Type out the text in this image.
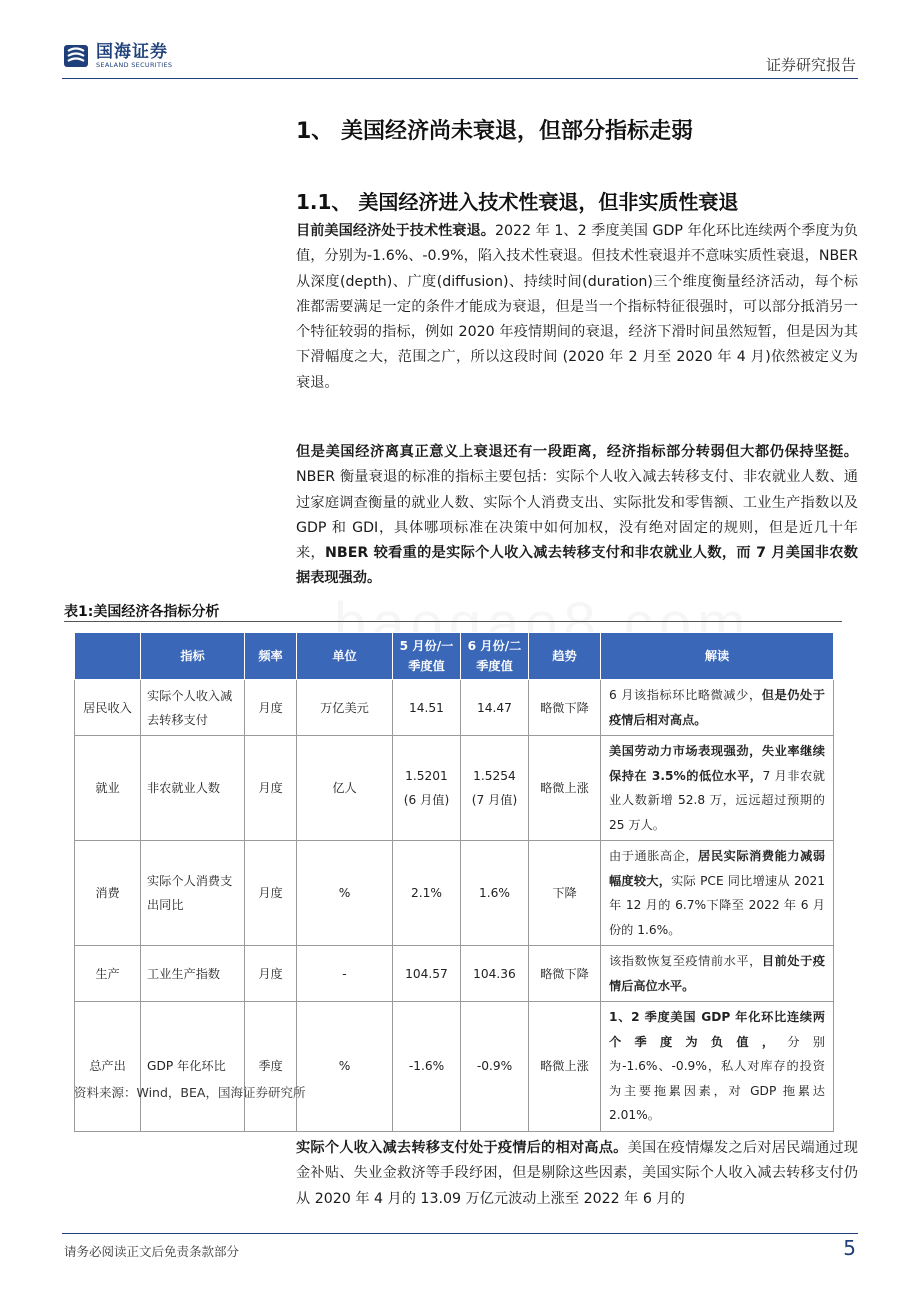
国海证券
SEALAND SECURITIES	证券研究报告
1、 美国经济尚未衰退，但部分指标走弱
1.1、 美国经济进入技术性衰退，但非实质性衰退
目前美国经济处于技术性衰退。2022 年 1、2 季度美国 GDP 年化环比连续两个季度为负值，分别为-1.6%、-0.9%，陷入技术性衰退。但技术性衰退并不意味实质性衰退，NBER 从深度(depth)、广度(diffusion)、持续时间(duration)三个维度衡量经济活动，每个标准都需要满足一定的条件才能成为衰退，但是当一个指标特征很强时，可以部分抵消另一个特征较弱的指标，例如 2020 年疫情期间的衰退，经济下滑时间虽然短暂，但是因为其下滑幅度之大，范围之广，所以这段时间 (2020 年 2 月至 2020 年 4 月)依然被定义为衰退。
但是美国经济离真正意义上衰退还有一段距离，经济指标部分转弱但大都仍保持坚挺。NBER 衡量衰退的标准的指标主要包括：实际个人收入减去转移支付、非农就业人数、通过家庭调查衡量的就业人数、实际个人消费支出、实际批发和零售额、工业生产指数以及 GDP 和 GDI，具体哪项标准在决策中如何加权，没有绝对固定的规则，但是近几十年来，NBER 较看重的是实际个人收入减去转移支付和非农就业人数，而 7 月美国非农数据表现强劲。
表1:美国经济各指标分析
	指标	频率	单位	5 月份/一季度值	6 月份/二季度值	趋势	解读
居民收入	实际个人收入减去转移支付	月度	万亿美元	14.51	14.47	略微下降	6 月该指标环比略微减少，但是仍处于疫情后相对高点。
就业	非农就业人数	月度	亿人	1.5201 (6 月值)	1.5254 (7 月值)	略微上涨	美国劳动力市场表现强劲，失业率继续保持在 3.5%的低位水平，7 月非农就业人数新增 52.8 万，远远超过预期的 25 万人。
消费	实际个人消费支出同比	月度	%	2.1%	1.6%	下降	由于通胀高企，居民实际消费能力减弱幅度较大，实际 PCE 同比增速从 2021 年 12 月的 6.7%下降至 2022 年 6 月份的 1.6%。
生产	工业生产指数	月度	-	104.57	104.36	略微下降	该指数恢复至疫情前水平，目前处于疫情后高位水平。
总产出	GDP 年化环比	季度	%	-1.6%	-0.9%	略微上涨	1、2 季度美国 GDP 年化环比连续两个季度为负值，分别为-1.6%、-0.9%，私人对库存的投资为主要拖累因素，对 GDP 拖累达 2.01%。
资料来源：Wind，BEA，国海证券研究所
实际个人收入减去转移支付处于疫情后的相对高点。美国在疫情爆发之后对居民端通过现金补贴、失业金救济等手段纾困，但是剔除这些因素，美国实际个人收入减去转移支付仍从 2020 年 4 月的 13.09 万亿元波动上涨至 2022 年 6 月的
请务必阅读正文后免责条款部分	5
